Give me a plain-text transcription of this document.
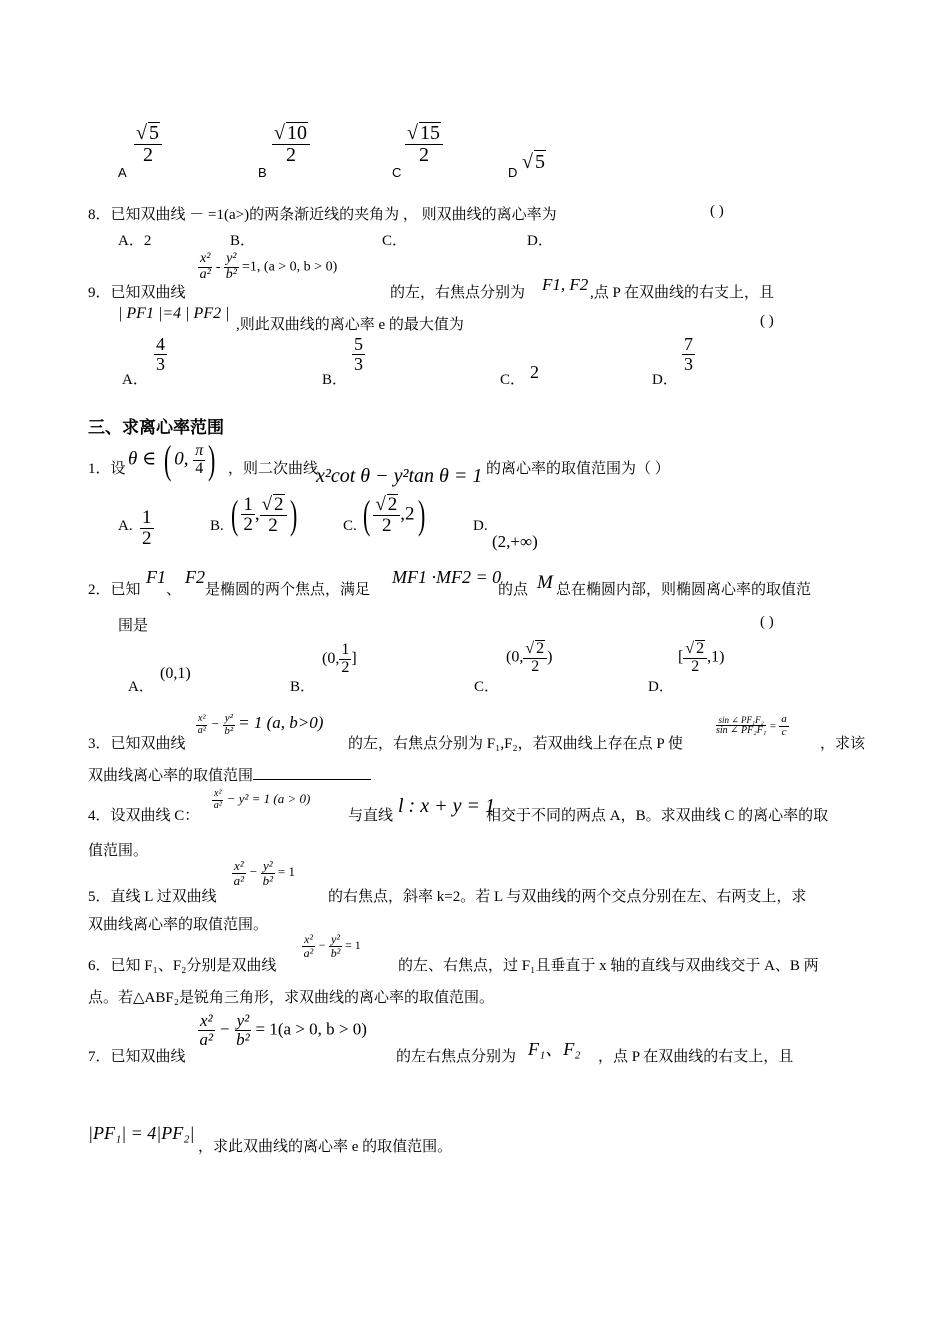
A
$\frac{√ 5}{2}$
B
$\frac{√ 10}{2}$
C
$\frac{√ 15}{2}$
D √ 5
8．已知双曲线 － =1(a>)的两条渐近线的夹角为 ， 则双曲线的离心率为	( )
A．2	B．	C．	D．
9．已知双曲线
$\frac{\text{x²}}{\text{a²}} - \frac{\text{y²}}{\text{b²}} =1$, (a > 0, b > 0)
的左，右焦点分别为 F1, F2 ,点 P 在双曲线的右支上，且
| PF1 |=4 | PF2 |
,则此双曲线的离心率 e 的最大值为	( )
A．
$\frac{4}{3}$
B．
$\frac{5}{3}$
C． 2	D．
$\frac{7}{3}$
三、求离心率范围
1．设 θ ∈ ( 0, $\frac{\pi}{4}$ ) ，则二次曲线
x²cot θ − y²tan θ = 1 的离心率的取值范围为（ ）
A. $\frac{1}{2}$	B. ( $\frac{1}{2}$ , $\frac{√ 2}{2}$ )	C. ( $\frac{√ 2}{2} ,2$)	D.
(2,+∞)
2．已知
F1
、
F2
是椭圆的两个焦点，满足
MF1 ·MF2 = 0
的点 M 总在椭圆内部，则椭圆离心率的取值范
围是	( )
A．
(0,1)
B．
(0, $\frac{1}{2}$ ]
C．
(0, $\frac{√ 2}{2}$ )
D．
[ $\frac{√ 2}{2} ,1$)
3．已知双曲线
$\frac{\text{x²}}{\text{a²}} - \frac{\text{y²}}{\text{b²}} = 1$ (a, b>0)
的左，右焦点分别为 F₁,F₂，若双曲线上存在点 P 使
$\frac{\text{sin ∠ PF₁F₂}}{\text{sin ∠ PF₂F₁}} = \frac{a}{c}$
，求该
双曲线离心率的取值范围
4．设双曲线 C：
$\frac{\text{x²}}{\text{a²}} - y^2 = 1$ (a > 0)
与直线 l : x + y = 1
相交于不同的两点 A，B。求双曲线 C 的离心率的取
值范围。
5．直线 L 过双曲线
$\frac{\text{x²}}{\text{a²}} - \frac{\text{y²}}{\text{b²}} = 1$
的右焦点，斜率 k=2。若 L 与双曲线的两个交点分别在左、右两支上，求
双曲线离心率的取值范围。
6．已知 F₁、F₂分别是双曲线
$\frac{\text{x²}}{\text{a²}} - \frac{\text{y²}}{\text{b²}} = 1$
的左、右焦点，过 F₁且垂直于 x 轴的直线与双曲线交于 A、B 两
点。若△ABF₂是锐角三角形，求双曲线的离心率的取值范围。
7．已知双曲线
$\frac{\text{x²}}{\text{a²}} - \frac{\text{y²}}{\text{b²}} = 1(a > 0$, b > 0)
的左右焦点分别为 F₁、F₂ ，点 P 在双曲线的右支上，且
|PF₁| = 4|PF₂|
，求此双曲线的离心率 e 的取值范围。
